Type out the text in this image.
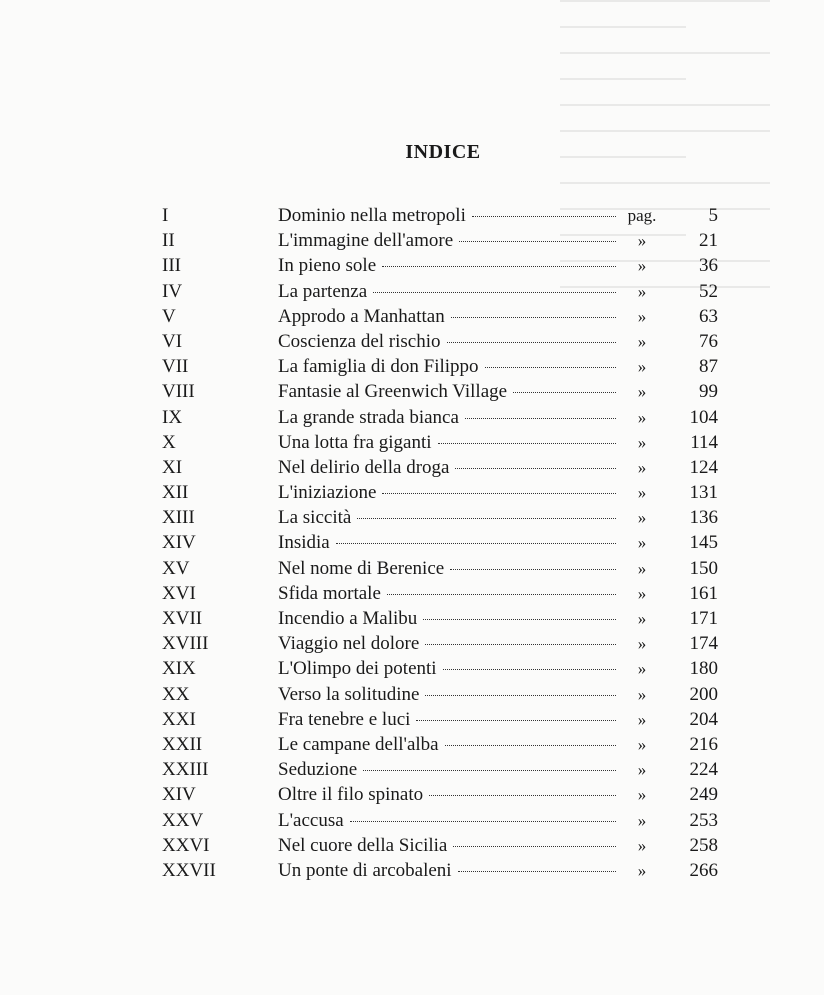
INDICE
I	Dominio nella metropoli	pag.	5
II	L'immagine dell'amore	»	21
III	In pieno sole	»	36
IV	La partenza	»	52
V	Approdo a Manhattan	»	63
VI	Coscienza del rischio	»	76
VII	La famiglia di don Filippo	»	87
VIII	Fantasie al Greenwich Village	»	99
IX	La grande strada bianca	»	104
X	Una lotta fra giganti	»	114
XI	Nel delirio della droga	»	124
XII	L'iniziazione	»	131
XIII	La siccità	»	136
XIV	Insidia	»	145
XV	Nel nome di Berenice	»	150
XVI	Sfida mortale	»	161
XVII	Incendio a Malibu	»	171
XVIII	Viaggio nel dolore	»	174
XIX	L'Olimpo dei potenti	»	180
XX	Verso la solitudine	»	200
XXI	Fra tenebre e luci	»	204
XXII	Le campane dell'alba	»	216
XXIII	Seduzione	»	224
XIV	Oltre il filo spinato	»	249
XXV	L'accusa	»	253
XXVI	Nel cuore della Sicilia	»	258
XXVII	Un ponte di arcobaleni	»	266
